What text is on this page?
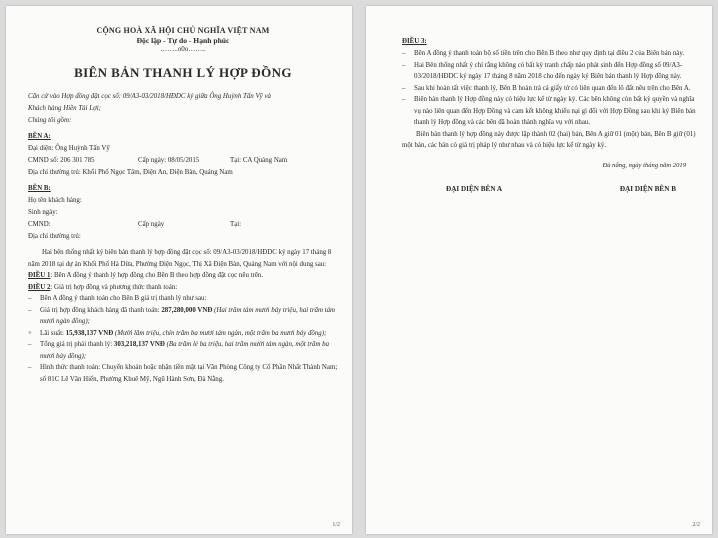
CỘNG HOÀ XÃ HỘI CHỦ NGHĨA VIỆT NAM
Độc lập - Tự do - Hạnh phúc
……..o0o……..
BIÊN BẢN THANH LÝ HỢP ĐỒNG
Căn cứ vào Hợp đồng đặt cọc số: 09/A3-03/2018/HĐDC ký giữa Ông Huỳnh Tấn Vỹ và
Khách hàng Hiền Tài Lợi;
Chúng tôi gồm:
BÊN A:
Đại diện: Ông Huỳnh Tấn Vỹ
CMND số: 206 301 785	Cấp ngày: 08/05/2015	Tại: CA Quảng Nam
Địa chỉ thường trú: Khối Phố Ngọc Tâm, Điện An, Điện Bàn, Quảng Nam
BÊN B:
Họ tên khách hàng:
Sinh ngày:
CMND:	Cấp ngày	Tại:
Địa chỉ thường trú:
Hai bên thống nhất ký biên bản thanh lý hợp đồng đặt cọc số: 09/A3-03/2018/HĐDC ký ngày 17 tháng 8 năm 2018 tại dự án Khối Phố Hà Dừa, Phường Điện Ngọc, Thị Xã Điện Bàn, Quảng Nam với nội dung sau:
ĐIỀU 1: Bên A đồng ý thanh lý hợp đồng cho Bên B theo hợp đồng đặt cọc nêu trên.
ĐIỀU 2: Giá trị hợp đồng và phương thức thanh toán:
–	Bên A đồng ý thanh toán cho Bên B giá trị thanh lý như sau:
–	Giá trị hợp đồng khách hàng đã thanh toán: 287,280,000 VNĐ (Hai trăm tám mươi bảy triệu, hai trăm tám mươi ngàn đồng);
+	Lãi suất: 15,938,137 VNĐ (Mười lăm triệu, chín trăm ba mươi tám ngàn, một trăm ba mươi bảy đồng);
–	Tổng giá trị phải thanh lý: 303,218,137 VNĐ (Ba trăm lẻ ba triệu, hai trăm mười tám ngàn, một trăm ba mươi bảy đồng);
–	Hình thức thanh toán: Chuyển khoản hoặc nhận tiền mặt tại Văn Phòng Công ty Cổ Phần Nhất Thành Nam; số 81C Lê Văn Hiến, Phường Khuê Mỹ, Ngũ Hành Sơn, Đà Nẵng.
1/2
ĐIỀU 3:
–	Bên A đồng ý thanh toán bộ số tiền trên cho Bên B theo như quy định tại điều 2 của Biên bản này.
–	Hai Bên thống nhất ý chí rằng không có bất kỳ tranh chấp nào phát sinh đến Hợp đồng số 09/A3-03/2018/HĐDC ký ngày 17 tháng 8 năm 2018 cho đến ngày ký Biên bản thanh lý Hợp đồng này.
–	Sau khi hoàn tất việc thanh lý, Bên B hoàn trả cả giấy tờ có liên quan đến lô đất nêu trên cho Bên A.
–	Biên bản thanh lý Hợp đồng này có hiệu lực kể từ ngày ký. Các bên không còn bất kỳ quyền và nghĩa vụ nào liên quan đến Hợp Đồng và cam kết không khiếu nại gì đối với Hợp Đồng sau khi ký Biên bản thanh lý Hợp đồng và các bên đã hoàn thành nghĩa vụ với nhau.
Biên bản thanh lý hợp đồng này được lập thành 02 (hai) bản, Bên A giữ 01 (một) bản, Bên B giữ (01) một bản, các bản có giá trị pháp lý như nhau và có hiệu lực kể từ ngày ký.
Đà nẵng, ngày tháng năm 2019
ĐẠI DIỆN BÊN A	ĐẠI DIỆN BÊN B
2/2
